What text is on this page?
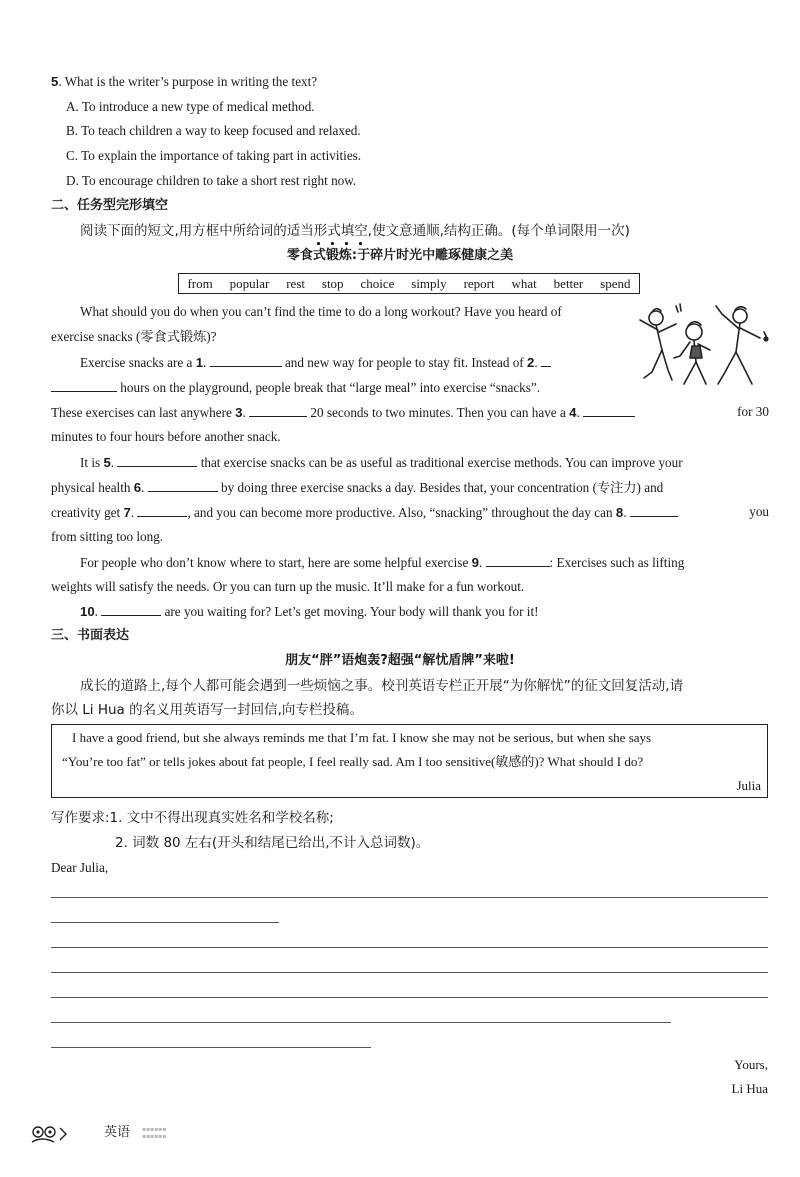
5. What is the writer’s purpose in writing the text?
A. To introduce a new type of medical method.
B. To teach children a way to keep focused and relaxed.
C. To explain the importance of taking part in activities.
D. To encourage children to take a short rest right now.
二、任务型完形填空
阅读下面的短文,用方框中所给词的适当形式填空,使文意通顺,结构正确。(每个单词限用一次)
零食式锻炼:于碎片时光中雕琢健康之美
from popular rest stop choice simply report what better spend
What should you do when you can’t find the time to do a long workout? Have you heard of
exercise snacks (零食式锻炼)?
Exercise snacks are a 1.	and new way for people to stay fit. Instead of 2.
hours on the playground, people break that “large meal” into exercise “snacks”.
These exercises can last anywhere 3.	20 seconds to two minutes. Then you can have a 4.	for 30
minutes to four hours before another snack.
It is 5.	that exercise snacks can be as useful as traditional exercise methods. You can improve your
physical health 6.	by doing three exercise snacks a day. Besides that, your concentration (专注力) and
creativity get 7.	, and you can become more productive. Also, “snacking” throughout the day can 8.	you
from sitting too long.
For people who don’t know where to start, here are some helpful exercise 9.	: Exercises such as lifting
weights will satisfy the needs. Or you can turn up the music. It’ll make for a fun workout.
10.	are you waiting for? Let’s get moving. Your body will thank you for it!
三、书面表达
朋友“胖”语炮轰?超强“解忧盾牌”来啦!
成长的道路上,每个人都可能会遇到一些烦恼之事。校刊英语专栏正开展“为你解忧”的征文回复活动,请
你以 Li Hua 的名义用英语写一封回信,向专栏投稿。
I have a good friend, but she always reminds me that I’m fat. I know she may not be serious, but when she says
“You’re too fat” or tells jokes about fat people, I feel really sad. Am I too sensitive(敏感的)? What should I do?
Julia
写作要求:1. 文中不得出现真实姓名和学校名称;
2. 词数 80 左右(开头和结尾已给出,不计入总词数)。
Dear Julia,
Yours,
Li Hua
英语 ▪▪▪▪▪▪
▪▪▪▪▪▪
